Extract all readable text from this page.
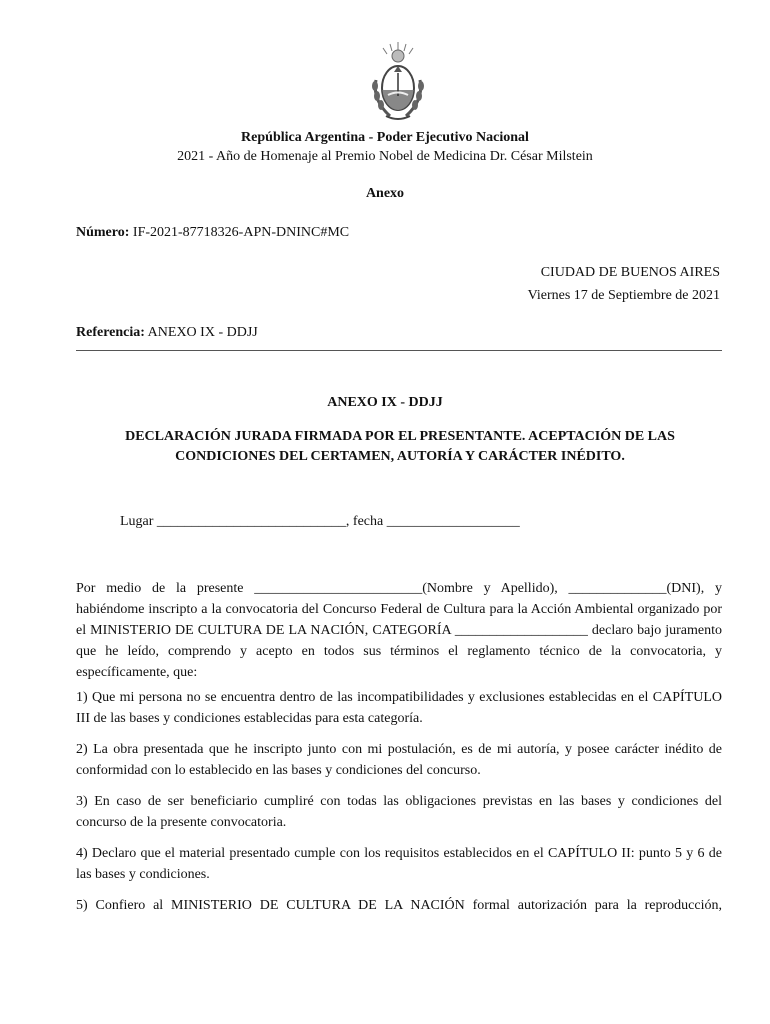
República Argentina - Poder Ejecutivo Nacional
2021 - Año de Homenaje al Premio Nobel de Medicina Dr. César Milstein
Anexo
Número: IF-2021-87718326-APN-DNINC#MC
CIUDAD DE BUENOS AIRES
Viernes 17 de Septiembre de 2021
Referencia: ANEXO IX - DDJJ
ANEXO IX - DDJJ
DECLARACIÓN JURADA FIRMADA POR EL PRESENTANTE. ACEPTACIÓN DE LAS CONDICIONES DEL CERTAMEN, AUTORÍA Y CARÁCTER INÉDITO.
Lugar ___________________________, fecha ___________________
Por medio de la presente ________________________(Nombre y Apellido), ______________(DNI), y habiéndome inscripto a la convocatoria del Concurso Federal de Cultura para la Acción Ambiental organizado por el MINISTERIO DE CULTURA DE LA NACIÓN, CATEGORÍA ___________________ declaro bajo juramento que he leído, comprendo y acepto en todos sus términos el reglamento técnico de la convocatoria, y específicamente, que:
1) Que mi persona no se encuentra dentro de las incompatibilidades y exclusiones establecidas en el CAPÍTULO III de las bases y condiciones establecidas para esta categoría.
2) La obra presentada que he inscripto junto con mi postulación, es de mi autoría, y posee carácter inédito de conformidad con lo establecido en las bases y condiciones del concurso.
3) En caso de ser beneficiario cumpliré con todas las obligaciones previstas en las bases y condiciones del concurso de la presente convocatoria.
4) Declaro que el material presentado cumple con los requisitos establecidos en el CAPÍTULO II: punto 5 y 6 de las bases y condiciones.
5) Confiero al MINISTERIO DE CULTURA DE LA NACIÓN formal autorización para la reproducción,
